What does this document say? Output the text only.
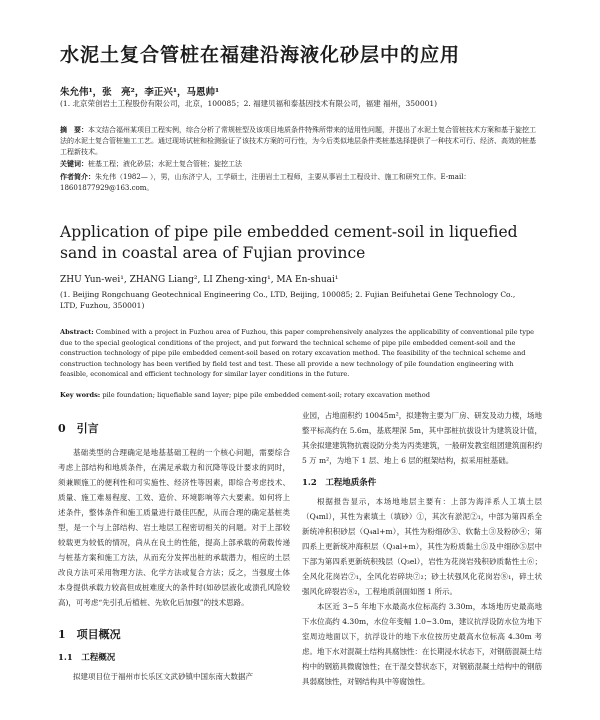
水泥土复合管桩在福建沿海液化砂层中的应用
朱允伟¹，张　亮²，李正兴¹，马恩帅¹
(1. 北京荣创岩土工程股份有限公司，北京，100085；2. 福建贝福和泰基因技术有限公司，福建 福州，350001)
摘　要：本文结合福州某项目工程实例，综合分析了常规桩型及该项目地质条件特殊所带来的适用性问题，并提出了水泥土复合管桩技术方案和基于旋挖工法的水泥土复合管桩施工工艺。通过现场试桩和检测验证了该技术方案的可行性，为今后类似地层条件类桩基选择提供了一种技术可行、经济、高效的桩基工程新技术。
关键词：桩基工程；液化砂层；水泥土复合管桩；旋挖工法
作者简介：朱允伟（1982— ），男，山东济宁人，工学硕士，注册岩土工程师，主要从事岩土工程设计、施工和研究工作。E-mail：18601877929@163.com。
Application of pipe pile embedded cement-soil in liquefied sand in coastal area of Fujian province
ZHU Yun-wei¹, ZHANG Liang², LI Zheng-xing¹, MA En-shuai¹
(1. Beijing Rongchuang Geotechnical Engineering Co., LTD, Beijing, 100085; 2. Fujian Beifuhetai Gene Technology Co., LTD, Fuzhou, 350001)
Abstract: Combined with a project in Fuzhou area of Fuzhou, this paper comprehensively analyzes the applicability of conventional pile type due to the special geological conditions of the project, and put forward the technical scheme of pipe pile embedded cement-soil and the construction technology of pipe pile embedded cement-soil based on rotary excavation method. The feasibility of the technical scheme and construction technology has been verified by field test and test. These all provide a new technology of pile foundation engineering with feasible, economical and efficient technology for similar layer conditions in the future.
Key words: pile foundation; liquefiable sand layer; pipe pile embedded cement-soil; rotary excavation method
0　引言

基础类型的合理确定是地基基础工程的一个核心问题，需要综合考虑上部结构和地质条件，在满足承载力和沉降等设计要求的同时，须兼顾施工的便利性和可实施性、经济性等因素，即综合考虑技术、质量、施工难易程度、工效、造价、环境影响等六大要素。如何将上述条件，整体条件和施工质量进行最佳匹配，从而合理的确定基桩类型，是一个与上部结构、岩土地层工程密切相关的问题。对于上部较较载更为较低的情况，尚从在良土的性能，提高上部承载的荷载传递与桩基方案和施工方法，从而充分发挥出桩的承载潜力，相应的土层改良方法可采用物理方法、化学方法或复合方法；反之，当强度土体本身提供承载力较高但成桩难度大的条件时(如砂层液化或溃孔风险较高)，可考虑“先引孔后植桩、先软化后加强”的技术思路。

1　项目概况
1.1　工程概况

拟建项目位于福州市长乐区文武砂镇中国东南大数据产

业园，占地面积约 10045m²，拟建物主要为厂房、研发及动力楼，场地整平标高约在 5.6m，基底埋深 5m，其中部桩抗拔设计为建筑设计值，其余拟建建筑物抗震设防分类为丙类建筑，一般研发教室组团建筑面积约 5 万 m²，为地下 1 层、地上 6 层的框架结构，拟采用桩基础。

1.2　工程地质条件

根据报告显示，本场地地层主要有：上部为海洋系人工填土层（Q₄ml），其性为素填土（填砂）①，其次有淤泥②₁，中部为第四系全新统冲积积砂层（Q₄al+m），其性为粉细砂③、软黏土③及粉砂④；第四系上更新统冲海积层（Q₃al+m），其性为粉质黏土⑤及中细砂⑤层中下部为第四系更新统积残层（Q₃el），岩性为花岗岩残积砂质黏性土⑥；全风化花岗岩⑦₁，全风化岩碎块⑦₂；砂土状强风化花岗岩⑧₁，碎土状强风化碎裂岩⑧₂，工程地质剖面如图 1 所示。

本区近 3~5 年地下水最高水位标高约 3.30m，本场地历史最高地下水位高约 4.30m，水位年变幅 1.0~3.0m，建议抗浮设防水位为地下室周边地面以下，抗浮设计的地下水位按历史最高水位标高 4.30m 考虑。地下水对混凝土结构具腐蚀性：在长期浸水状态下，对钢筋混凝土结构中的钢筋具微腐蚀性；在干湿交替状态下，对钢筋混凝土结构中的钢筋具弱腐蚀性，对钢结构具中等腐蚀性。
